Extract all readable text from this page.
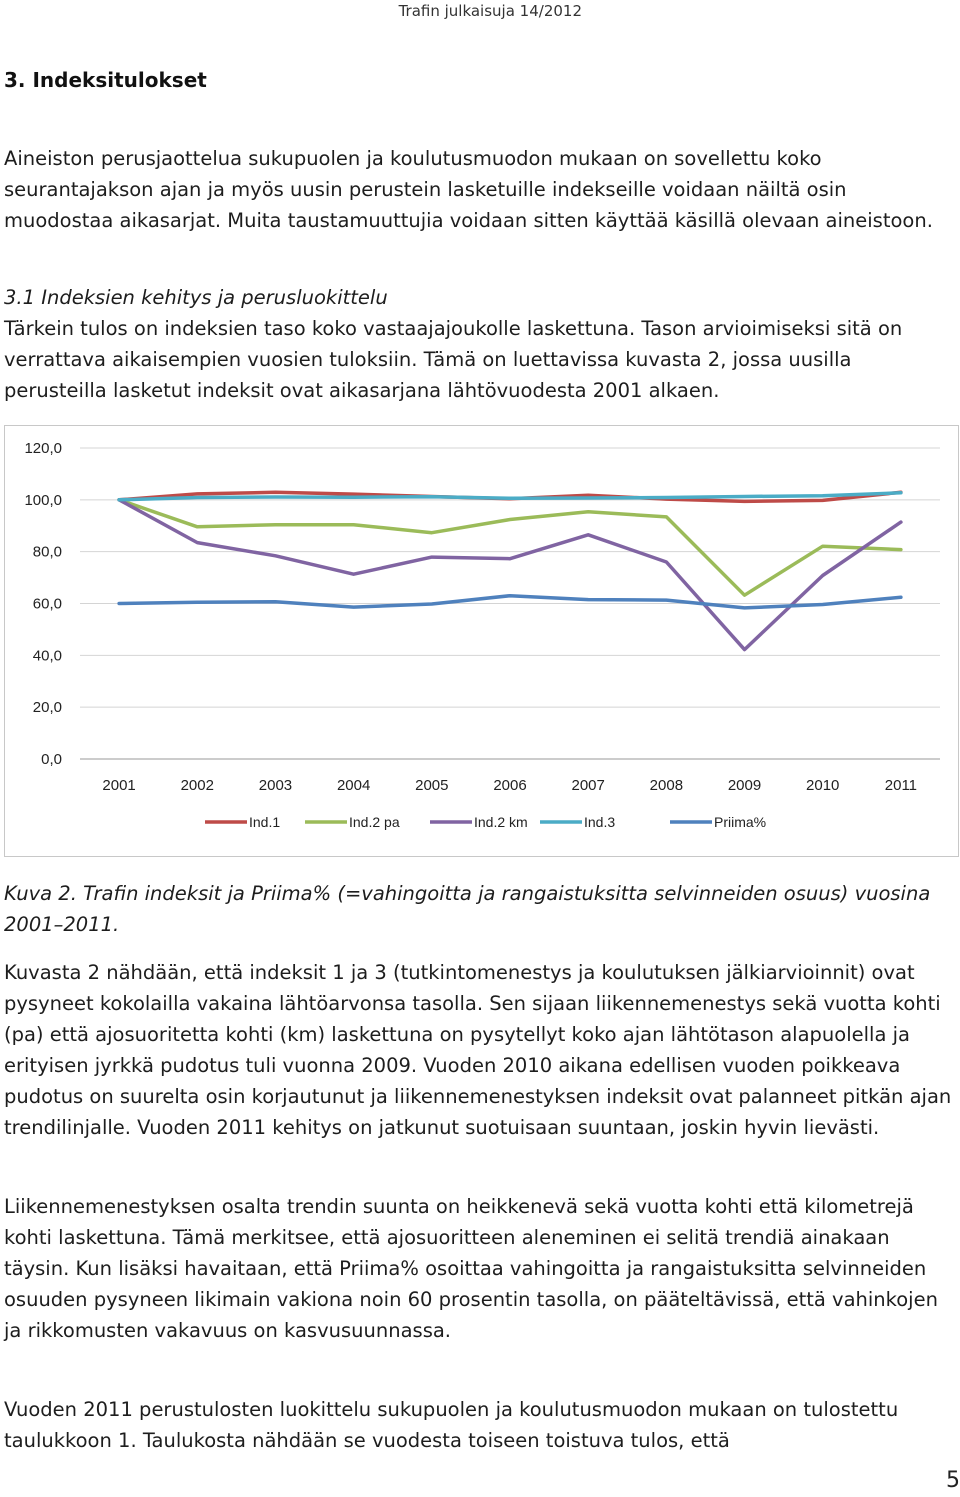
Trafin julkaisuja 14/2012
3. Indeksitulokset

Aineiston perusjaottelua sukupuolen ja koulutusmuodon mukaan on sovellettu koko seurantajakson ajan ja myös uusin perustein lasketuille indekseille voidaan näiltä osin muodostaa aikasarjat. Muita taustamuuttujia voidaan sitten käyttää käsillä olevaan aineistoon.

3.1 Indeksien kehitys ja perusluokittelu
Tärkein tulos on indeksien taso koko vastaajajoukolle laskettuna. Tason arvioimiseksi sitä on verrattava aikaisempien vuosien tuloksiin. Tämä on luettavissa kuvasta 2, jossa uusilla perusteilla lasketut indeksit ovat aikasarjana lähtövuodesta 2001 alkaen.

0,0
20,0
40,0
60,0
80,0
100,0
120,0
2001	2002	2003	2004	2005	2006	2007	2008	2009	2010	2011
Ind.1	Ind.2 pa	Ind.2 km	Ind.3	Priima%

Kuva 2. Trafin indeksit ja Priima% (=vahingoitta ja rangaistuksitta selvinneiden osuus) vuosina 2001–2011.

Kuvasta 2 nähdään, että indeksit 1 ja 3 (tutkintomenestys ja koulutuksen jälkiarvioinnit) ovat pysyneet kokolailla vakaina lähtöarvonsa tasolla. Sen sijaan liikennemenestys sekä vuotta kohti (pa) että ajosuoritetta kohti (km) laskettuna on pysytellyt koko ajan lähtötason alapuolella ja erityisen jyrkkä pudotus tuli vuonna 2009. Vuoden 2010 aikana edellisen vuoden poikkeava pudotus on suurelta osin korjautunut ja liikennemenestyksen indeksit ovat palanneet pitkän ajan trendilinjalle. Vuoden 2011 kehitys on jatkunut suotuisaan suuntaan, joskin hyvin lievästi.

Liikennemenestyksen osalta trendin suunta on heikkenevä sekä vuotta kohti että kilometrejä kohti laskettuna. Tämä merkitsee, että ajosuoritteen aleneminen ei selitä trendiä ainakaan täysin. Kun lisäksi havaitaan, että Priima% osoittaa vahingoitta ja rangaistuksitta selvinneiden osuuden pysyneen likimain vakiona noin 60 prosentin tasolla, on pääteltävissä, että vahinkojen ja rikkomusten vakavuus on kasvusuunnassa.

Vuoden 2011 perustulosten luokittelu sukupuolen ja koulutusmuodon mukaan on tulostettu taulukkoon 1. Taulukosta nähdään se vuodesta toiseen toistuva tulos, että

5
